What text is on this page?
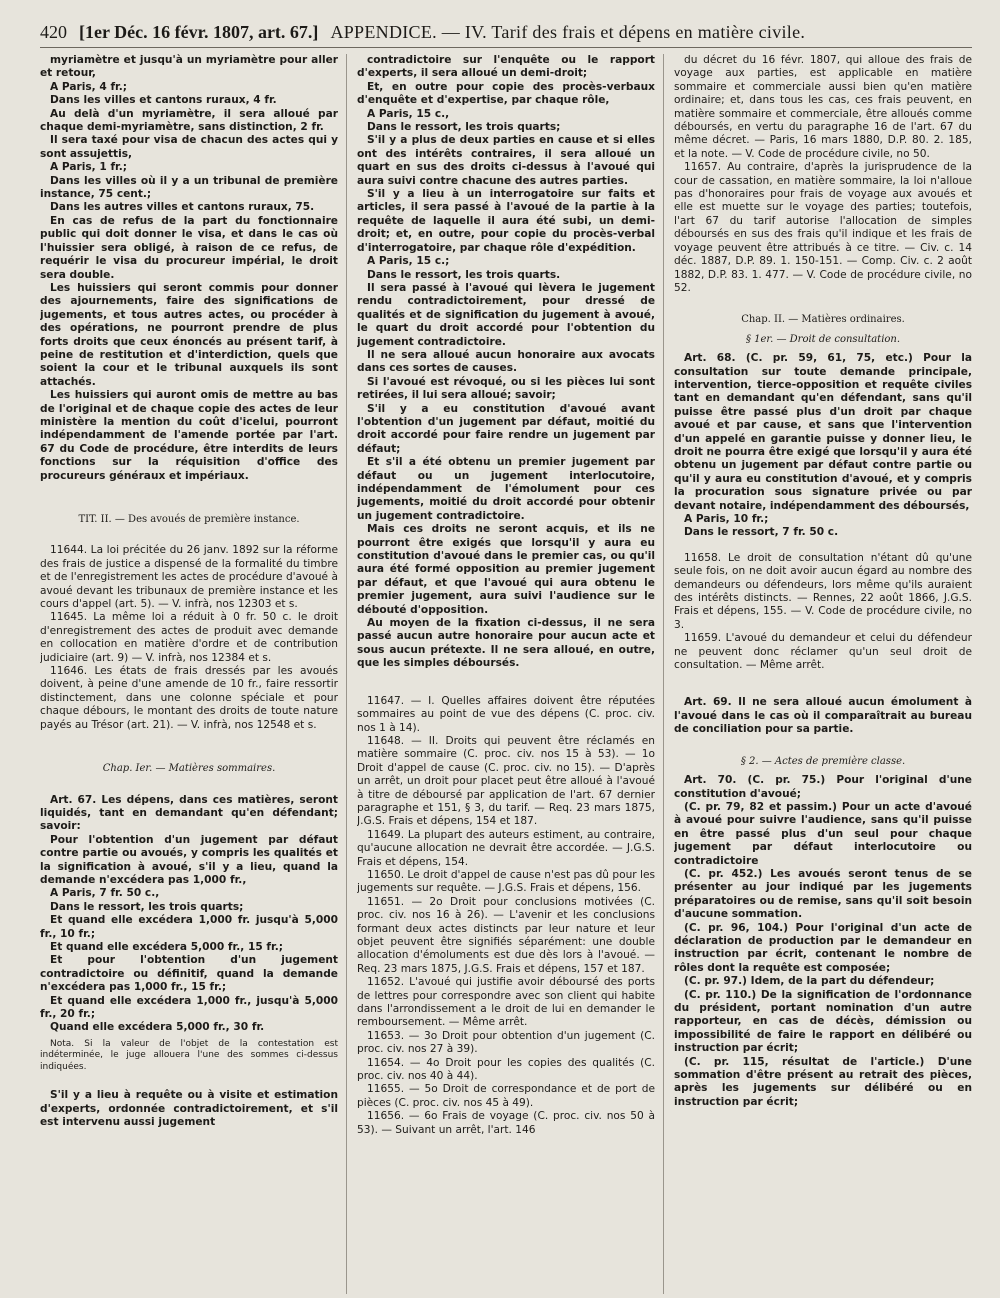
420 [1er Déc. 16 févr. 1807, art. 67.] APPENDICE. — IV. Tarif des frais et dépens en matière civile.

myriamètre et jusqu'à un myriamètre pour aller et retour,

A Paris, 4 fr.;

Dans les villes et cantons ruraux, 4 fr.

Au delà d'un myriamètre, il sera alloué par chaque demi-myriamètre, sans distinction, 2 fr.

Il sera taxé pour visa de chacun des actes qui y sont assujettis,

A Paris, 1 fr.;

Dans les villes où il y a un tribunal de première instance, 75 cent.;

Dans les autres villes et cantons ruraux, 75.

En cas de refus de la part du fonctionnaire public qui doit donner le visa, et dans le cas où l'huissier sera obligé, à raison de ce refus, de requérir le visa du procureur impérial, le droit sera double.

Les huissiers qui seront commis pour donner des ajournements, faire des significations de jugements, et tous autres actes, ou procéder à des opérations, ne pourront prendre de plus forts droits que ceux énoncés au présent tarif, à peine de restitution et d'interdiction, quels que soient la cour et le tribunal auxquels ils sont attachés.

Les huissiers qui auront omis de mettre au bas de l'original et de chaque copie des actes de leur ministère la mention du coût d'icelui, pourront indépendamment de l'amende portée par l'art. 67 du Code de procédure, être interdits de leurs fonctions sur la réquisition d'office des procureurs généraux et impériaux.

TIT. II. — Des avoués de première instance.

11644. La loi précitée du 26 janv. 1892 sur la réforme des frais de justice a dispensé de la formalité du timbre et de l'enregistrement les actes de procédure d'avoué à avoué devant les tribunaux de première instance et les cours d'appel (art. 5). — V. infrà, nos 12303 et s.

11645. La même loi a réduit à 0 fr. 50 c. le droit d'enregistrement des actes de produit avec demande en collocation en matière d'ordre et de contribution judiciaire (art. 9) — V. infrà, nos 12384 et s.

11646. Les états de frais dressés par les avoués doivent, à peine d'une amende de 10 fr., faire ressortir distinctement, dans une colonne spéciale et pour chaque débours, le montant des droits de toute nature payés au Trésor (art. 21). — V. infrà, nos 12548 et s.

Chap. Ier. — Matières sommaires.

Art. 67. Les dépens, dans ces matières, seront liquidés, tant en demandant qu'en défendant; savoir:

Pour l'obtention d'un jugement par défaut contre partie ou avoués, y compris les qualités et la signification à avoué, s'il y a lieu, quand la demande n'excédera pas 1,000 fr.,

A Paris, 7 fr. 50 c.,

Dans le ressort, les trois quarts;

Et quand elle excédera 1,000 fr. jusqu'à 5,000 fr., 10 fr.;

Et quand elle excédera 5,000 fr., 15 fr.;

Et pour l'obtention d'un jugement contradictoire ou définitif, quand la demande n'excédera pas 1,000 fr., 15 fr.;

Et quand elle excédera 1,000 fr., jusqu'à 5,000 fr., 20 fr.;

Quand elle excédera 5,000 fr., 30 fr.

Nota. Si la valeur de l'objet de la contestation est indéterminée, le juge allouera l'une des sommes ci-dessus indiquées.

S'il y a lieu à requête ou à visite et estimation d'experts, ordonnée contradictoirement, et s'il est intervenu aussi jugement

contradictoire sur l'enquête ou le rapport d'experts, il sera alloué un demi-droit;

Et, en outre pour copie des procès-verbaux d'enquête et d'expertise, par chaque rôle,

A Paris, 15 c.,

Dans le ressort, les trois quarts;

S'il y a plus de deux parties en cause et si elles ont des intérêts contraires, il sera alloué un quart en sus des droits ci-dessus à l'avoué qui aura suivi contre chacune des autres parties.

S'il y a lieu à un interrogatoire sur faits et articles, il sera passé à l'avoué de la partie à la requête de laquelle il aura été subi, un demi-droit; et, en outre, pour copie du procès-verbal d'interrogatoire, par chaque rôle d'expédition.

A Paris, 15 c.;

Dans le ressort, les trois quarts.

Il sera passé à l'avoué qui lèvera le jugement rendu contradictoirement, pour dressé de qualités et de signification du jugement à avoué, le quart du droit accordé pour l'obtention du jugement contradictoire.

Il ne sera alloué aucun honoraire aux avocats dans ces sortes de causes.

Si l'avoué est révoqué, ou si les pièces lui sont retirées, il lui sera alloué; savoir;

S'il y a eu constitution d'avoué avant l'obtention d'un jugement par défaut, moitié du droit accordé pour faire rendre un jugement par défaut;

Et s'il a été obtenu un premier jugement par défaut ou un jugement interlocutoire, indépendamment de l'émolument pour ces jugements, moitié du droit accordé pour obtenir un jugement contradictoire.

Mais ces droits ne seront acquis, et ils ne pourront être exigés que lorsqu'il y aura eu constitution d'avoué dans le premier cas, ou qu'il aura été formé opposition au premier jugement par défaut, et que l'avoué qui aura obtenu le premier jugement, aura suivi l'audience sur le débouté d'opposition.

Au moyen de la fixation ci-dessus, il ne sera passé aucun autre honoraire pour aucun acte et sous aucun prétexte. Il ne sera alloué, en outre, que les simples déboursés.

11647. — I. Quelles affaires doivent être réputées sommaires au point de vue des dépens (C. proc. civ. nos 1 à 14).

11648. — II. Droits qui peuvent être réclamés en matière sommaire (C. proc. civ. nos 15 à 53). — 1o Droit d'appel de cause (C. proc. civ. no 15). — D'après un arrêt, un droit pour placet peut être alloué à l'avoué à titre de déboursé par application de l'art. 67 dernier paragraphe et 151, § 3, du tarif. — Req. 23 mars 1875, J.G.S. Frais et dépens, 154 et 187.

11649. La plupart des auteurs estiment, au contraire, qu'aucune allocation ne devrait être accordée. — J.G.S. Frais et dépens, 154.

11650. Le droit d'appel de cause n'est pas dû pour les jugements sur requête. — J.G.S. Frais et dépens, 156.

11651. — 2o Droit pour conclusions motivées (C. proc. civ. nos 16 à 26). — L'avenir et les conclusions formant deux actes distincts par leur nature et leur objet peuvent être signifiés séparément: une double allocation d'émoluments est due dès lors à l'avoué. — Req. 23 mars 1875, J.G.S. Frais et dépens, 157 et 187.

11652. L'avoué qui justifie avoir déboursé des ports de lettres pour correspondre avec son client qui habite dans l'arrondissement a le droit de lui en demander le remboursement. — Même arrêt.

11653. — 3o Droit pour obtention d'un jugement (C. proc. civ. nos 27 à 39).

11654. — 4o Droit pour les copies des qualités (C. proc. civ. nos 40 à 44).

11655. — 5o Droit de correspondance et de port de pièces (C. proc. civ. nos 45 à 49).

11656. — 6o Frais de voyage (C. proc. civ. nos 50 à 53). — Suivant un arrêt, l'art. 146

du décret du 16 févr. 1807, qui alloue des frais de voyage aux parties, est applicable en matière sommaire et commerciale aussi bien qu'en matière ordinaire; et, dans tous les cas, ces frais peuvent, en matière sommaire et commerciale, être alloués comme déboursés, en vertu du paragraphe 16 de l'art. 67 du même décret. — Paris, 16 mars 1880, D.P. 80. 2. 185, et la note. — V. Code de procédure civile, no 50.

11657. Au contraire, d'après la jurisprudence de la cour de cassation, en matière sommaire, la loi n'alloue pas d'honoraires pour frais de voyage aux avoués et elle est muette sur le voyage des parties; toutefois, l'art 67 du tarif autorise l'allocation de simples déboursés en sus des frais qu'il indique et les frais de voyage peuvent être attribués à ce titre. — Civ. c. 14 déc. 1887, D.P. 89. 1. 150-151. — Comp. Civ. c. 2 août 1882, D.P. 83. 1. 477. — V. Code de procédure civile, no 52.

Chap. II. — Matières ordinaires.
§ 1er. — Droit de consultation.

Art. 68. (C. pr. 59, 61, 75, etc.) Pour la consultation sur toute demande principale, intervention, tierce-opposition et requête civiles tant en demandant qu'en défendant, sans qu'il puisse être passé plus d'un droit par chaque avoué et par cause, et sans que l'intervention d'un appelé en garantie puisse y donner lieu, le droit ne pourra être exigé que lorsqu'il y aura été obtenu un jugement par défaut contre partie ou qu'il y aura eu constitution d'avoué, et y compris la procuration sous signature privée ou par devant notaire, indépendamment des déboursés,

A Paris, 10 fr.;

Dans le ressort, 7 fr. 50 c.

11658. Le droit de consultation n'étant dû qu'une seule fois, on ne doit avoir aucun égard au nombre des demandeurs ou défendeurs, lors même qu'ils auraient des intérêts distincts. — Rennes, 22 août 1866, J.G.S. Frais et dépens, 155. — V. Code de procédure civile, no 3.

11659. L'avoué du demandeur et celui du défendeur ne peuvent donc réclamer qu'un seul droit de consultation. — Même arrêt.

Art. 69. Il ne sera alloué aucun émolument à l'avoué dans le cas où il comparaîtrait au bureau de conciliation pour sa partie.

§ 2. — Actes de première classe.

Art. 70. (C. pr. 75.) Pour l'original d'une constitution d'avoué;

(C. pr. 79, 82 et passim.) Pour un acte d'avoué à avoué pour suivre l'audience, sans qu'il puisse en être passé plus d'un seul pour chaque jugement par défaut interlocutoire ou contradictoire

(C. pr. 452.) Les avoués seront tenus de se présenter au jour indiqué par les jugements préparatoires ou de remise, sans qu'il soit besoin d'aucune sommation.

(C. pr. 96, 104.) Pour l'original d'un acte de déclaration de production par le demandeur en instruction par écrit, contenant le nombre de rôles dont la requête est composée;

(C. pr. 97.) Idem, de la part du défendeur;

(C. pr. 110.) De la signification de l'ordonnance du président, portant nomination d'un autre rapporteur, en cas de décès, démission ou impossibilité de faire le rapport en délibéré ou instruction par écrit;

(C. pr. 115, résultat de l'article.) D'une sommation d'être présent au retrait des pièces, après les jugements sur délibéré ou en instruction par écrit;
